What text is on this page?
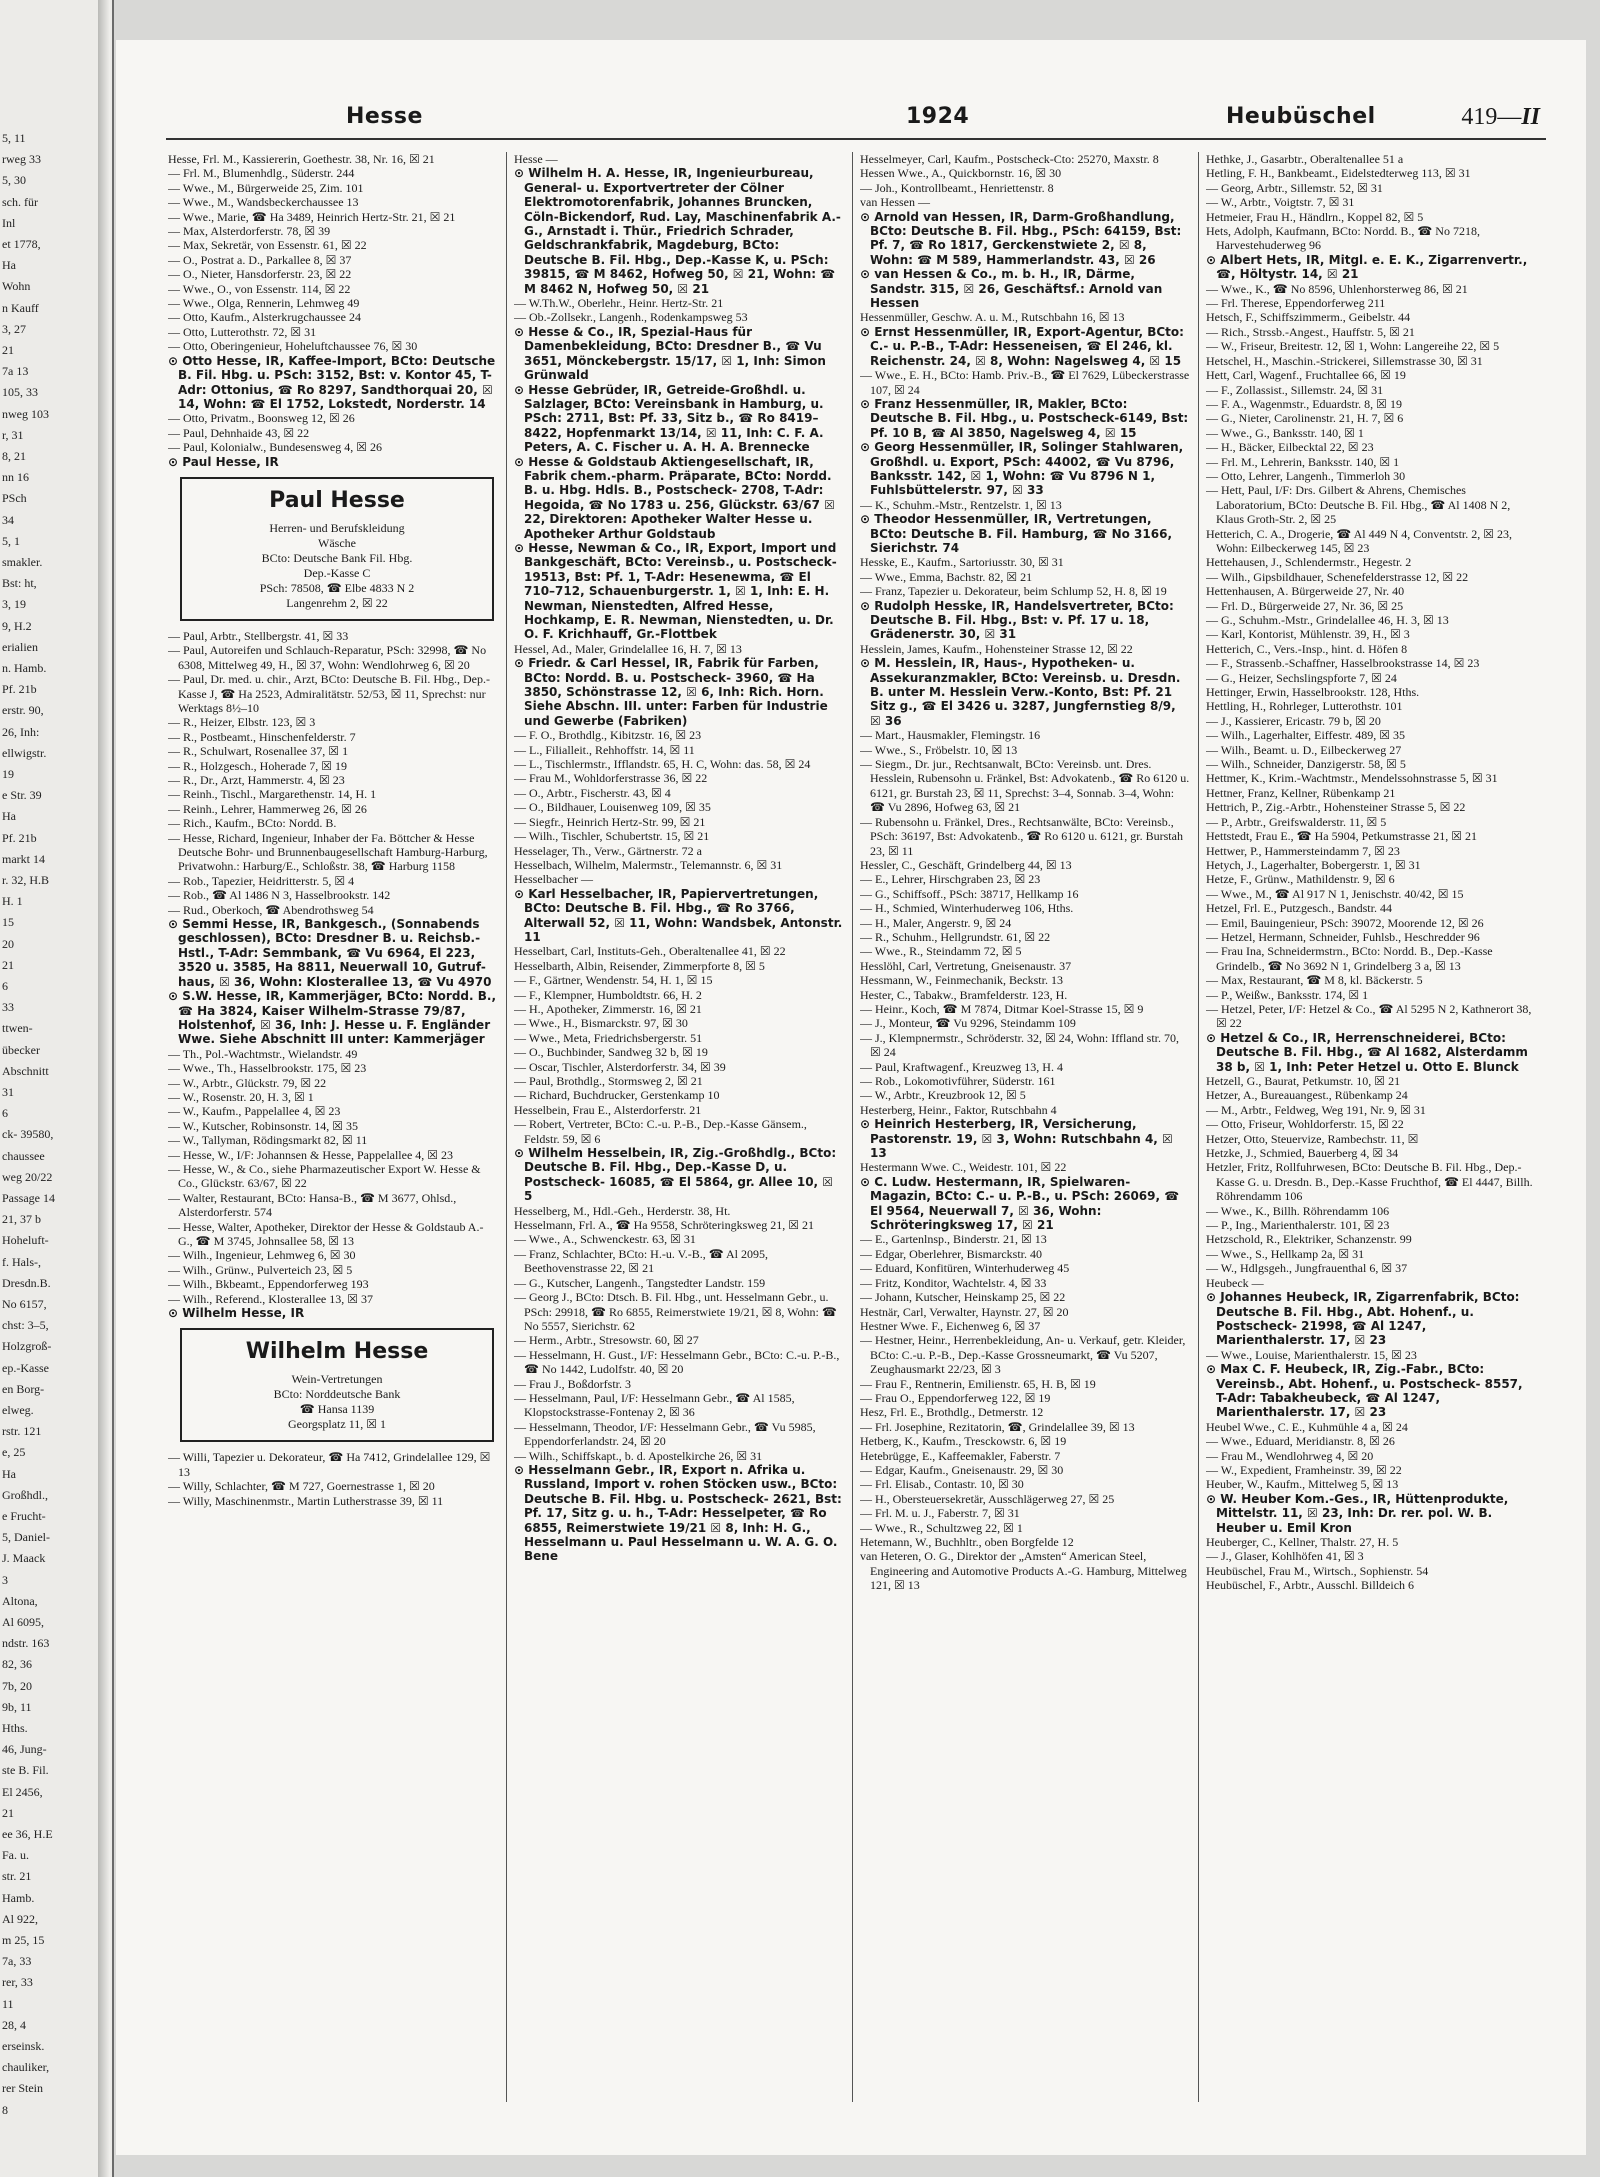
5, 11
rweg 33
5, 30
sch. für
Inl
et 1778,
Ha
Wohn
n Kauff
3, 27
21
7a 13
105, 33
nweg 103
r, 31
8, 21
nn 16
PSch
34
5, 1
smakler.
Bst: ht,
3, 19
9, H.2
erialien
n. Hamb.
Pf. 21b
erstr. 90,
26, Inh:
ellwigstr.
19
e Str. 39
Ha
Pf. 21b
markt 14
r. 32, H.B
H. 1
15
20
21
6
33
ttwen-
übecker
Abschnitt
31
6
ck- 39580,
chaussee
weg 20/22
Passage 14
21, 37 b
Hoheluft-
f. Hals-,
Dresdn.B.
No 6157,
chst: 3–5,
Holzgroß-
ep.-Kasse
en Borg-
elweg.
rstr. 121
e, 25
Ha
Großhdl.,
e Frucht-
5, Daniel-
J. Maack
3
Altona,
Al 6095,
ndstr. 163
82, 36
7b, 20
9b, 11
Hths.
46, Jung-
ste B. Fil.
El 2456,
21
ee 36, H.E
Fa. u.
str. 21
Hamb.
Al 922,
m 25, 15
7a, 33
rer, 33
11
28, 4
erseinsk.
chauliker,
rer Stein
8
Hesse	1924	Heubüschel	419—II

Hesse, Frl. M., Kassiererin, Goethestr. 38, Nr. 16, ☒ 21

— Frl. M., Blumenhdlg., Süderstr. 244

— Wwe., M., Bürgerweide 25, Zim. 101

— Wwe., M., Wandsbeckerchaussee 13

— Wwe., Marie, ☎ Ha 3489, Heinrich Hertz-Str. 21, ☒ 21

— Max, Alsterdorferstr. 78, ☒ 39

— Max, Sekretär, von Essenstr. 61, ☒ 22

— O., Postrat a. D., Parkallee 8, ☒ 37

— O., Nieter, Hansdorferstr. 23, ☒ 22

— Wwe., O., von Essenstr. 114, ☒ 22

— Wwe., Olga, Rennerin, Lehmweg 49

— Otto, Kaufm., Alsterkrugchaussee 24

— Otto, Lutterothstr. 72, ☒ 31

— Otto, Oberingenieur, Hoheluftchaussee 76, ☒ 30

⊙ Otto Hesse, IR, Kaffee-Import, BCto: Deutsche B. Fil. Hbg. u. PSch: 3152, Bst: v. Kontor 45, T-Adr: Ottonius, ☎ Ro 8297, Sandthorquai 20, ☒ 14, Wohn: ☎ El 1752, Lokstedt, Norderstr. 14

— Otto, Privatm., Boonsweg 12, ☒ 26

— Paul, Dehnhaide 43, ☒ 22

— Paul, Kolonialw., Bundesensweg 4, ☒ 26

⊙ Paul Hesse, IR

Paul Hesse
Herren- und Berufskleidung
Wäsche
BCto: Deutsche Bank Fil. Hbg.
Dep.-Kasse C
PSch: 78508, ☎ Elbe 4833 N 2
Langenrehm 2, ☒ 22

— Paul, Arbtr., Stellbergstr. 41, ☒ 33

— Paul, Autoreifen und Schlauch-Reparatur, PSch: 32998, ☎ No 6308, Mittelweg 49, H., ☒ 37, Wohn: Wendlohrweg 6, ☒ 20

— Paul, Dr. med. u. chir., Arzt, BCto: Deutsche B. Fil. Hbg., Dep.-Kasse J, ☎ Ha 2523, Admiralitätstr. 52/53, ☒ 11, Sprechst: nur Werktags 8½–10

— R., Heizer, Elbstr. 123, ☒ 3

— R., Postbeamt., Hinschenfelderstr. 7

— R., Schulwart, Rosenallee 37, ☒ 1

— R., Holzgesch., Hoherade 7, ☒ 19

— R., Dr., Arzt, Hammerstr. 4, ☒ 23

— Reinh., Tischl., Margarethenstr. 14, H. 1

— Reinh., Lehrer, Hammerweg 26, ☒ 26

— Rich., Kaufm., BCto: Nordd. B.

— Hesse, Richard, Ingenieur, Inhaber der Fa. Böttcher & Hesse Deutsche Bohr- und Brunnenbaugesellschaft Hamburg-Harburg, Privatwohn.: Harburg/E., Schloßstr. 38, ☎ Harburg 1158

— Rob., Tapezier, Heidritterstr. 5, ☒ 4

— Rob., ☎ Al 1486 N 3, Hasselbrookstr. 142

— Rud., Oberkoch, ☎ Abendrothsweg 54

⊙ Semmi Hesse, IR, Bankgesch., (Sonnabends geschlossen), BCto: Dresdner B. u. Reichsb.-Hstl., T-Adr: Semmbank, ☎ Vu 6964, El 223, 3520 u. 3585, Ha 8811, Neuerwall 10, Gutruf-haus, ☒ 36, Wohn: Klosterallee 13, ☎ Vu 4970

⊙ S.W. Hesse, IR, Kammerjäger, BCto: Nordd. B., ☎ Ha 3824, Kaiser Wilhelm-Strasse 79/87, Holstenhof, ☒ 36, Inh: J. Hesse u. F. Engländer Wwe. Siehe Abschnitt III unter: Kammerjäger

— Th., Pol.-Wachtmstr., Wielandstr. 49

— Wwe., Th., Hasselbrookstr. 175, ☒ 23

— W., Arbtr., Glückstr. 79, ☒ 22

— W., Rosenstr. 20, H. 3, ☒ 1

— W., Kaufm., Pappelallee 4, ☒ 23

— W., Kutscher, Robinsonstr. 14, ☒ 35

— W., Tallyman, Rödingsmarkt 82, ☒ 11

— Hesse, W., I/F: Johannsen & Hesse, Pappelallee 4, ☒ 23

— Hesse, W., & Co., siehe Pharmazeutischer Export W. Hesse & Co., Glückstr. 63/67, ☒ 22

— Walter, Restaurant, BCto: Hansa-B., ☎ M 3677, Ohlsd., Alsterdorferstr. 574

— Hesse, Walter, Apotheker, Direktor der Hesse & Goldstaub A.-G., ☎ M 3745, Johnsallee 58, ☒ 13

— Wilh., Ingenieur, Lehmweg 6, ☒ 30

— Wilh., Grünw., Pulverteich 23, ☒ 5

— Wilh., Bkbeamt., Eppendorferweg 193

— Wilh., Referend., Klosterallee 13, ☒ 37

⊙ Wilhelm Hesse, IR

Wilhelm Hesse
Wein-Vertretungen
BCto: Norddeutsche Bank
☎ Hansa 1139
Georgsplatz 11, ☒ 1

— Willi, Tapezier u. Dekorateur, ☎ Ha 7412, Grindelallee 129, ☒ 13

— Willy, Schlachter, ☎ M 727, Goernestrasse 1, ☒ 20

— Willy, Maschinenmstr., Martin Lutherstrasse 39, ☒ 11

Hesse —

⊙ Wilhelm H. A. Hesse, IR, Ingenieurbureau, General- u. Exportvertreter der Cölner Elektromotorenfabrik, Johannes Bruncken, Cöln-Bickendorf, Rud. Lay, Maschinenfabrik A.-G., Arnstadt i. Thür., Friedrich Schrader, Geldschrankfabrik, Magdeburg, BCto: Deutsche B. Fil. Hbg., Dep.-Kasse K, u. PSch: 39815, ☎ M 8462, Hofweg 50, ☒ 21, Wohn: ☎ M 8462 N, Hofweg 50, ☒ 21

— W.Th.W., Oberlehr., Heinr. Hertz-Str. 21

— Ob.-Zollsekr., Langenh., Rodenkampsweg 53

⊙ Hesse & Co., IR, Spezial-Haus für Damenbekleidung, BCto: Dresdner B., ☎ Vu 3651, Mönckebergstr. 15/17, ☒ 1, Inh: Simon Grünwald

⊙ Hesse Gebrüder, IR, Getreide-Großhdl. u. Salzlager, BCto: Vereinsbank in Hamburg, u. PSch: 2711, Bst: Pf. 33, Sitz b., ☎ Ro 8419–8422, Hopfenmarkt 13/14, ☒ 11, Inh: C. F. A. Peters, A. C. Fischer u. A. H. A. Brennecke

⊙ Hesse & Goldstaub Aktiengesellschaft, IR, Fabrik chem.-pharm. Präparate, BCto: Nordd. B. u. Hbg. Hdls. B., Postscheck- 2708, T-Adr: Hegoida, ☎ No 1783 u. 256, Glückstr. 63/67 ☒ 22, Direktoren: Apotheker Walter Hesse u. Apotheker Arthur Goldstaub

⊙ Hesse, Newman & Co., IR, Export, Import und Bankgeschäft, BCto: Vereinsb., u. Postscheck- 19513, Bst: Pf. 1, T-Adr: Hesenewma, ☎ El 710–712, Schauenburgerstr. 1, ☒ 1, Inh: E. H. Newman, Nienstedten, Alfred Hesse, Hochkamp, E. R. Newman, Nienstedten, u. Dr. O. F. Krichhauff, Gr.-Flottbek

Hessel, Ad., Maler, Grindelallee 16, H. 7, ☒ 13

⊙ Friedr. & Carl Hessel, IR, Fabrik für Farben, BCto: Nordd. B. u. Postscheck- 3960, ☎ Ha 3850, Schönstrasse 12, ☒ 6, Inh: Rich. Horn. Siehe Abschn. III. unter: Farben für Industrie und Gewerbe (Fabriken)

— F. O., Brothdlg., Kibitzstr. 16, ☒ 23

— L., Filialleit., Rehhoffstr. 14, ☒ 11

— L., Tischlermstr., Ifflandstr. 65, H. C, Wohn: das. 58, ☒ 24

— Frau M., Wohldorferstrasse 36, ☒ 22

— O., Arbtr., Fischerstr. 43, ☒ 4

— O., Bildhauer, Louisenweg 109, ☒ 35

— Siegfr., Heinrich Hertz-Str. 99, ☒ 21

— Wilh., Tischler, Schubertstr. 15, ☒ 21

Hesselager, Th., Verw., Gärtnerstr. 72 a

Hesselbach, Wilhelm, Malermstr., Telemannstr. 6, ☒ 31

Hesselbacher —

⊙ Karl Hesselbacher, IR, Papiervertretungen, BCto: Deutsche B. Fil. Hbg., ☎ Ro 3766, Alterwall 52, ☒ 11, Wohn: Wandsbek, Antonstr. 11

Hesselbart, Carl, Instituts-Geh., Oberaltenallee 41, ☒ 22

Hesselbarth, Albin, Reisender, Zimmerpforte 8, ☒ 5

— F., Gärtner, Wendenstr. 54, H. 1, ☒ 15

— F., Klempner, Humboldtstr. 66, H. 2

— H., Apotheker, Zimmerstr. 16, ☒ 21

— Wwe., H., Bismarckstr. 97, ☒ 30

— Wwe., Meta, Friedrichsbergerstr. 51

— O., Buchbinder, Sandweg 32 b, ☒ 19

— Oscar, Tischler, Alsterdorferstr. 34, ☒ 39

— Paul, Brothdlg., Stormsweg 2, ☒ 21

— Richard, Buchdrucker, Gerstenkamp 10

Hesselbein, Frau E., Alsterdorferstr. 21

— Robert, Vertreter, BCto: C.-u. P.-B., Dep.-Kasse Gänsem., Feldstr. 59, ☒ 6

⊙ Wilhelm Hesselbein, IR, Zig.-Großhdlg., BCto: Deutsche B. Fil. Hbg., Dep.-Kasse D, u. Postscheck- 16085, ☎ El 5864, gr. Allee 10, ☒ 5

Hesselberg, M., Hdl.-Geh., Herderstr. 38, Ht.

Hesselmann, Frl. A., ☎ Ha 9558, Schröteringksweg 21, ☒ 21

— Wwe., A., Schwenckestr. 63, ☒ 31

— Franz, Schlachter, BCto: H.-u. V.-B., ☎ Al 2095, Beethovenstrasse 22, ☒ 21

— G., Kutscher, Langenh., Tangstedter Landstr. 159

— Georg J., BCto: Dtsch. B. Fil. Hbg., unt. Hesselmann Gebr., u. PSch: 29918, ☎ Ro 6855, Reimerstwiete 19/21, ☒ 8, Wohn: ☎ No 5557, Sierichstr. 62

— Herm., Arbtr., Stresowstr. 60, ☒ 27

— Hesselmann, H. Gust., I/F: Hesselmann Gebr., BCto: C.-u. P.-B., ☎ No 1442, Ludolfstr. 40, ☒ 20

— Frau J., Boßdorfstr. 3

— Hesselmann, Paul, I/F: Hesselmann Gebr., ☎ Al 1585, Klopstockstrasse-Fontenay 2, ☒ 36

— Hesselmann, Theodor, I/F: Hesselmann Gebr., ☎ Vu 5985, Eppendorferlandstr. 24, ☒ 20

— Wilh., Schiffskapt., b. d. Apostelkirche 26, ☒ 31

⊙ Hesselmann Gebr., IR, Export n. Afrika u. Russland, Import v. rohen Stöcken usw., BCto: Deutsche B. Fil. Hbg. u. Postscheck- 2621, Bst: Pf. 17, Sitz g. u. h., T-Adr: Hesselpeter, ☎ Ro 6855, Reimerstwiete 19/21 ☒ 8, Inh: H. G., Hesselmann u. Paul Hesselmann u. W. A. G. O. Bene

Hesselmeyer, Carl, Kaufm., Postscheck-Cto: 25270, Maxstr. 8

Hessen Wwe., A., Quickbornstr. 16, ☒ 30

— Joh., Kontrollbeamt., Henriettenstr. 8

van Hessen —

⊙ Arnold van Hessen, IR, Darm-Großhandlung, BCto: Deutsche B. Fil. Hbg., PSch: 64159, Bst: Pf. 7, ☎ Ro 1817, Gerckenstwiete 2, ☒ 8, Wohn: ☎ M 589, Hammerlandstr. 43, ☒ 26

⊙ van Hessen & Co., m. b. H., IR, Därme, Sandstr. 315, ☒ 26, Geschäftsf.: Arnold van Hessen

Hessenmüller, Geschw. A. u. M., Rutschbahn 16, ☒ 13

⊙ Ernst Hessenmüller, IR, Export-Agentur, BCto: C.- u. P.-B., T-Adr: Hesseneisen, ☎ El 246, kl. Reichenstr. 24, ☒ 8, Wohn: Nagelsweg 4, ☒ 15

— Wwe., E. H., BCto: Hamb. Priv.-B., ☎ El 7629, Lübeckerstrasse 107, ☒ 24

⊙ Franz Hessenmüller, IR, Makler, BCto: Deutsche B. Fil. Hbg., u. Postscheck-6149, Bst: Pf. 10 B, ☎ Al 3850, Nagelsweg 4, ☒ 15

⊙ Georg Hessenmüller, IR, Solinger Stahlwaren, Großhdl. u. Export, PSch: 44002, ☎ Vu 8796, Banksstr. 142, ☒ 1, Wohn: ☎ Vu 8796 N 1, Fuhlsbüttelerstr. 97, ☒ 33

— K., Schuhm.-Mstr., Rentzelstr. 1, ☒ 13

⊙ Theodor Hessenmüller, IR, Vertretungen, BCto: Deutsche B. Fil. Hamburg, ☎ No 3166, Sierichstr. 74

Hesske, E., Kaufm., Sartoriusstr. 30, ☒ 31

— Wwe., Emma, Bachstr. 82, ☒ 21

— Franz, Tapezier u. Dekorateur, beim Schlump 52, H. 8, ☒ 19

⊙ Rudolph Hesske, IR, Handelsvertreter, BCto: Deutsche B. Fil. Hbg., Bst: v. Pf. 17 u. 18, Grädenerstr. 30, ☒ 31

Hesslein, James, Kaufm., Hohensteiner Strasse 12, ☒ 22

⊙ M. Hesslein, IR, Haus-, Hypotheken- u. Assekuranzmakler, BCto: Vereinsb. u. Dresdn. B. unter M. Hesslein Verw.-Konto, Bst: Pf. 21 Sitz g., ☎ El 3426 u. 3287, Jungfernstieg 8/9, ☒ 36

— Mart., Hausmakler, Flemingstr. 16

— Wwe., S., Fröbelstr. 10, ☒ 13

— Siegm., Dr. jur., Rechtsanwalt, BCto: Vereinsb. unt. Dres. Hesslein, Rubensohn u. Fränkel, Bst: Advokatenb., ☎ Ro 6120 u. 6121, gr. Burstah 23, ☒ 11, Sprechst: 3–4, Sonnab. 3–4, Wohn: ☎ Vu 2896, Hofweg 63, ☒ 21

— Rubensohn u. Fränkel, Dres., Rechtsanwälte, BCto: Vereinsb., PSch: 36197, Bst: Advokatenb., ☎ Ro 6120 u. 6121, gr. Burstah 23, ☒ 11

Hessler, C., Geschäft, Grindelberg 44, ☒ 13

— E., Lehrer, Hirschgraben 23, ☒ 23

— G., Schiffsoff., PSch: 38717, Hellkamp 16

— H., Schmied, Winterhuderweg 106, Hths.

— H., Maler, Angerstr. 9, ☒ 24

— R., Schuhm., Hellgrundstr. 61, ☒ 22

— Wwe., R., Steindamm 72, ☒ 5

Hesslöhl, Carl, Vertretung, Gneisenaustr. 37

Hessmann, W., Feinmechanik, Beckstr. 13

Hester, C., Tabakw., Bramfelderstr. 123, H.

— Heinr., Koch, ☎ M 7874, Ditmar Koel-Strasse 15, ☒ 9

— J., Monteur, ☎ Vu 9296, Steindamm 109

— J., Klempnermstr., Schröderstr. 32, ☒ 24, Wohn: Iffland str. 70, ☒ 24

— Paul, Kraftwagenf., Kreuzweg 13, H. 4

— Rob., Lokomotivführer, Süderstr. 161

— W., Arbtr., Kreuzbrook 12, ☒ 5

Hesterberg, Heinr., Faktor, Rutschbahn 4

⊙ Heinrich Hesterberg, IR, Versicherung, Pastorenstr. 19, ☒ 3, Wohn: Rutschbahn 4, ☒ 13

Hestermann Wwe. C., Weidestr. 101, ☒ 22

⊙ C. Ludw. Hestermann, IR, Spielwaren-Magazin, BCto: C.- u. P.-B., u. PSch: 26069, ☎ El 9564, Neuerwall 7, ☒ 36, Wohn: Schröteringksweg 17, ☒ 21

— E., Gartenlnsp., Binderstr. 21, ☒ 13

— Edgar, Oberlehrer, Bismarckstr. 40

— Eduard, Konfitüren, Winterhuderweg 45

— Fritz, Konditor, Wachtelstr. 4, ☒ 33

— Johann, Kutscher, Heinskamp 25, ☒ 22

Hestnär, Carl, Verwalter, Haynstr. 27, ☒ 20

Hestner Wwe. F., Eichenweg 6, ☒ 37

— Hestner, Heinr., Herrenbekleidung, An- u. Verkauf, getr. Kleider, BCto: C.-u. P.-B., Dep.-Kasse Grossneumarkt, ☎ Vu 5207, Zeughausmarkt 22/23, ☒ 3

— Frau F., Rentnerin, Emilienstr. 65, H. B, ☒ 19

— Frau O., Eppendorferweg 122, ☒ 19

Hesz, Frl. E., Brothdlg., Detmerstr. 12

— Frl. Josephine, Rezitatorin, ☎, Grindelallee 39, ☒ 13

Hetberg, K., Kaufm., Tresckowstr. 6, ☒ 19

Hetebrügge, E., Kaffeemakler, Faberstr. 7

— Edgar, Kaufm., Gneisenaustr. 29, ☒ 30

— Frl. Elisab., Contastr. 10, ☒ 30

— H., Obersteuersekretär, Ausschlägerweg 27, ☒ 25

— Frl. M. u. J., Faberstr. 7, ☒ 31

— Wwe., R., Schultzweg 22, ☒ 1

Hetemann, W., Buchhltr., oben Borgfelde 12

van Heteren, O. G., Direktor der „Amsten“ American Steel, Engineering and Automotive Products A.-G. Hamburg, Mittelweg 121, ☒ 13

Hethke, J., Gasarbtr., Oberaltenallee 51 a

Hetling, F. H., Bankbeamt., Eidelstedterweg 113, ☒ 31

— Georg, Arbtr., Sillemstr. 52, ☒ 31

— W., Arbtr., Voigtstr. 7, ☒ 31

Hetmeier, Frau H., Händlrn., Koppel 82, ☒ 5

Hets, Adolph, Kaufmann, BCto: Nordd. B., ☎ No 7218, Harvestehuderweg 96

⊙ Albert Hets, IR, Mitgl. e. E. K., Zigarrenvertr., ☎, Höltystr. 14, ☒ 21

— Wwe., K., ☎ No 8596, Uhlenhorsterweg 86, ☒ 21

— Frl. Therese, Eppendorferweg 211

Hetsch, F., Schiffszimmerm., Geibelstr. 44

— Rich., Strssb.-Angest., Hauffstr. 5, ☒ 21

— W., Friseur, Breitestr. 12, ☒ 1, Wohn: Langereihe 22, ☒ 5

Hetschel, H., Maschin.-Strickerei, Sillemstrasse 30, ☒ 31

Hett, Carl, Wagenf., Fruchtallee 66, ☒ 19

— F., Zollassist., Sillemstr. 24, ☒ 31

— F. A., Wagenmstr., Eduardstr. 8, ☒ 19

— G., Nieter, Carolinenstr. 21, H. 7, ☒ 6

— Wwe., G., Banksstr. 140, ☒ 1

— H., Bäcker, Eilbecktal 22, ☒ 23

— Frl. M., Lehrerin, Banksstr. 140, ☒ 1

— Otto, Lehrer, Langenh., Timmerloh 30

— Hett, Paul, I/F: Drs. Gilbert & Ahrens, Chemisches Laboratorium, BCto: Deutsche B. Fil. Hbg., ☎ Al 1408 N 2, Klaus Groth-Str. 2, ☒ 25

Hetterich, C. A., Drogerie, ☎ Al 449 N 4, Conventstr. 2, ☒ 23, Wohn: Eilbeckerweg 145, ☒ 23

Hettehausen, J., Schlendermstr., Hegestr. 2

— Wilh., Gipsbildhauer, Schenefelderstrasse 12, ☒ 22

Hettenhausen, A. Bürgerweide 27, Nr. 40

— Frl. D., Bürgerweide 27, Nr. 36, ☒ 25

— G., Schuhm.-Mstr., Grindelallee 46, H. 3, ☒ 13

— Karl, Kontorist, Mühlenstr. 39, H., ☒ 3

Hetterich, C., Vers.-Insp., hint. d. Höfen 8

— F., Strassenb.-Schaffner, Hasselbrookstrasse 14, ☒ 23

— G., Heizer, Sechslingspforte 7, ☒ 24

Hettinger, Erwin, Hasselbrookstr. 128, Hths.

Hettling, H., Rohrleger, Lutterothstr. 101

— J., Kassierer, Ericastr. 79 b, ☒ 20

— Wilh., Lagerhalter, Eiffestr. 489, ☒ 35

— Wilh., Beamt. u. D., Eilbeckerweg 27

— Wilh., Schneider, Danzigerstr. 58, ☒ 5

Hettmer, K., Krim.-Wachtmstr., Mendelssohnstrasse 5, ☒ 31

Hettner, Franz, Kellner, Rübenkamp 21

Hettrich, P., Zig.-Arbtr., Hohensteiner Strasse 5, ☒ 22

— P., Arbtr., Greifswalderstr. 11, ☒ 5

Hettstedt, Frau E., ☎ Ha 5904, Petkumstrasse 21, ☒ 21

Hettwer, P., Hammersteindamm 7, ☒ 23

Hetych, J., Lagerhalter, Bobergerstr. 1, ☒ 31

Hetze, F., Grünw., Mathildenstr. 9, ☒ 6

— Wwe., M., ☎ Al 917 N 1, Jenischstr. 40/42, ☒ 15

Hetzel, Frl. E., Putzgesch., Bandstr. 44

— Emil, Bauingenieur, PSch: 39072, Moorende 12, ☒ 26

— Hetzel, Hermann, Schneider, Fuhlsb., Heschredder 96

— Frau Ina, Schneidermstrn., BCto: Nordd. B., Dep.-Kasse Grindelb., ☎ No 3692 N 1, Grindelberg 3 a, ☒ 13

— Max, Restaurant, ☎ M 8, kl. Bäckerstr. 5

— P., Weißw., Banksstr. 174, ☒ 1

— Hetzel, Peter, I/F: Hetzel & Co., ☎ Al 5295 N 2, Kathnerort 38, ☒ 22

⊙ Hetzel & Co., IR, Herrenschneiderei, BCto: Deutsche B. Fil. Hbg., ☎ Al 1682, Alsterdamm 38 b, ☒ 1, Inh: Peter Hetzel u. Otto E. Blunck

Hetzell, G., Baurat, Petkumstr. 10, ☒ 21

Hetzer, A., Bureauangest., Rübenkamp 24

— M., Arbtr., Feldweg, Weg 191, Nr. 9, ☒ 31

— Otto, Friseur, Wohldorferstr. 15, ☒ 22

Hetzer, Otto, Steuervize, Rambechstr. 11, ☒

Hetzke, J., Schmied, Bauerberg 4, ☒ 34

Hetzler, Fritz, Rollfuhrwesen, BCto: Deutsche B. Fil. Hbg., Dep.-Kasse G. u. Dresdn. B., Dep.-Kasse Fruchthof, ☎ El 4447, Billh. Röhrendamm 106

— Wwe., K., Billh. Röhrendamm 106

— P., Ing., Marienthalerstr. 101, ☒ 23

Hetzschold, R., Elektriker, Schanzenstr. 99

— Wwe., S., Hellkamp 2a, ☒ 31

— W., Hdlgsgeh., Jungfrauenthal 6, ☒ 37

Heubeck —

⊙ Johannes Heubeck, IR, Zigarrenfabrik, BCto: Deutsche B. Fil. Hbg., Abt. Hohenf., u. Postscheck- 21998, ☎ Al 1247, Marienthalerstr. 17, ☒ 23

— Wwe., Louise, Marienthalerstr. 15, ☒ 23

⊙ Max C. F. Heubeck, IR, Zig.-Fabr., BCto: Vereinsb., Abt. Hohenf., u. Postscheck- 8557, T-Adr: Tabakheubeck, ☎ Al 1247, Marienthalerstr. 17, ☒ 23

Heubel Wwe., C. E., Kuhmühle 4 a, ☒ 24

— Wwe., Eduard, Meridianstr. 8, ☒ 26

— Frau M., Wendlohrweg 4, ☒ 20

— W., Expedient, Framheinstr. 39, ☒ 22

Heuber, W., Kaufm., Mittelweg 5, ☒ 13

⊙ W. Heuber Kom.-Ges., IR, Hüttenprodukte, Mittelstr. 11, ☒ 23, Inh: Dr. rer. pol. W. B. Heuber u. Emil Kron

Heuberger, C., Kellner, Thalstr. 27, H. 5

— J., Glaser, Kohlhöfen 41, ☒ 3

Heubüschel, Frau M., Wirtsch., Sophienstr. 54

Heubüschel, F., Arbtr., Ausschl. Billdeich 6
